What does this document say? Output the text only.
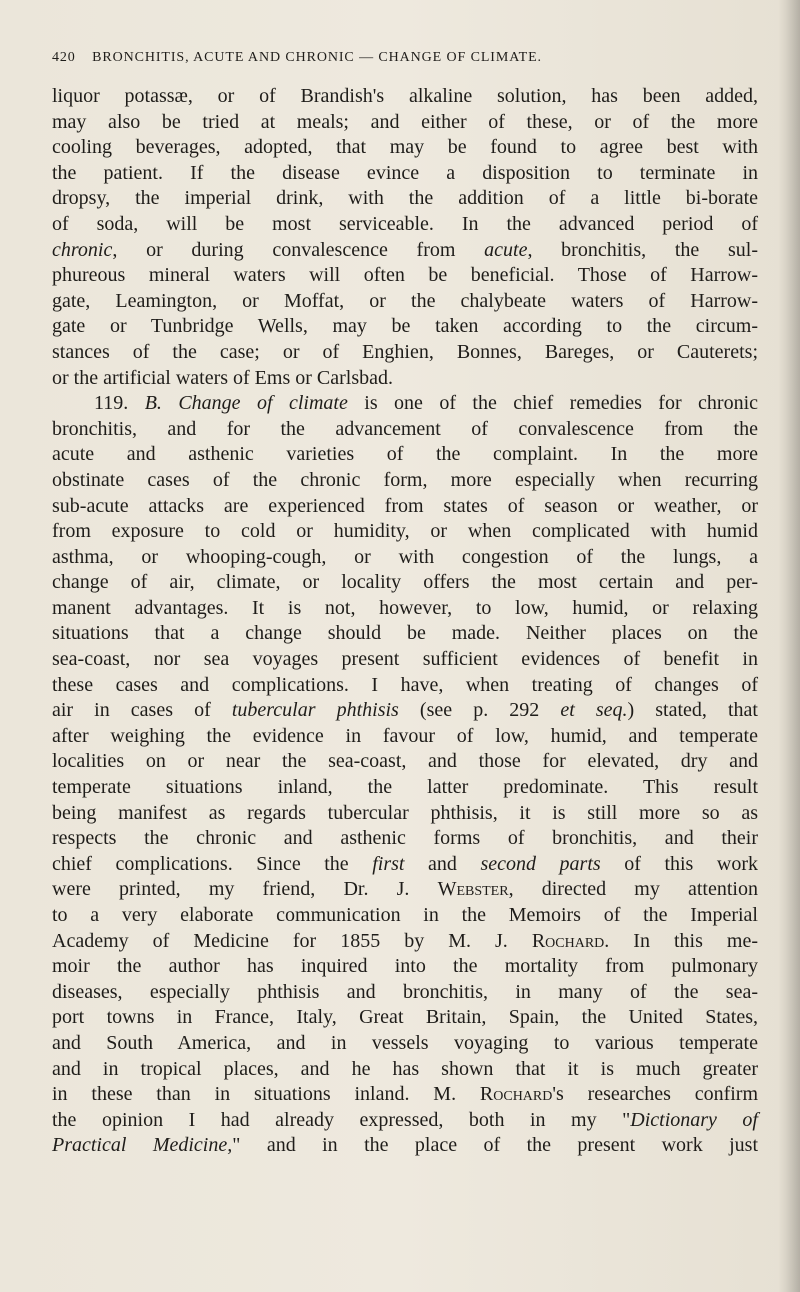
420 BRONCHITIS, ACUTE AND CHRONIC — CHANGE OF CLIMATE.
liquor potassæ, or of Brandish's alkaline solution, has been added,
may also be tried at meals; and either of these, or of the more
cooling beverages, adopted, that may be found to agree best with
the patient. If the disease evince a disposition to terminate in
dropsy, the imperial drink, with the addition of a little bi-borate
of soda, will be most serviceable. In the advanced period of
chronic, or during convalescence from acute, bronchitis, the sul-
phureous mineral waters will often be beneficial. Those of Harrow-
gate, Leamington, or Moffat, or the chalybeate waters of Harrow-
gate or Tunbridge Wells, may be taken according to the circum-
stances of the case; or of Enghien, Bonnes, Bareges, or Cauterets;
or the artificial waters of Ems or Carlsbad.
119. B. Change of climate is one of the chief remedies for chronic
bronchitis, and for the advancement of convalescence from the
acute and asthenic varieties of the complaint. In the more
obstinate cases of the chronic form, more especially when recurring
sub-acute attacks are experienced from states of season or weather, or
from exposure to cold or humidity, or when complicated with humid
asthma, or whooping-cough, or with congestion of the lungs, a
change of air, climate, or locality offers the most certain and per-
manent advantages. It is not, however, to low, humid, or relaxing
situations that a change should be made. Neither places on the
sea-coast, nor sea voyages present sufficient evidences of benefit in
these cases and complications. I have, when treating of changes of
air in cases of tubercular phthisis (see p. 292 et seq.) stated, that
after weighing the evidence in favour of low, humid, and temperate
localities on or near the sea-coast, and those for elevated, dry and
temperate situations inland, the latter predominate. This result
being manifest as regards tubercular phthisis, it is still more so as
respects the chronic and asthenic forms of bronchitis, and their
chief complications. Since the first and second parts of this work
were printed, my friend, Dr. J. Webster, directed my attention
to a very elaborate communication in the Memoirs of the Imperial
Academy of Medicine for 1855 by M. J. Rochard. In this me-
moir the author has inquired into the mortality from pulmonary
diseases, especially phthisis and bronchitis, in many of the sea-
port towns in France, Italy, Great Britain, Spain, the United States,
and South America, and in vessels voyaging to various temperate
and in tropical places, and he has shown that it is much greater
in these than in situations inland. M. Rochard's researches confirm
the opinion I had already expressed, both in my "Dictionary of
Practical Medicine," and in the place of the present work just
